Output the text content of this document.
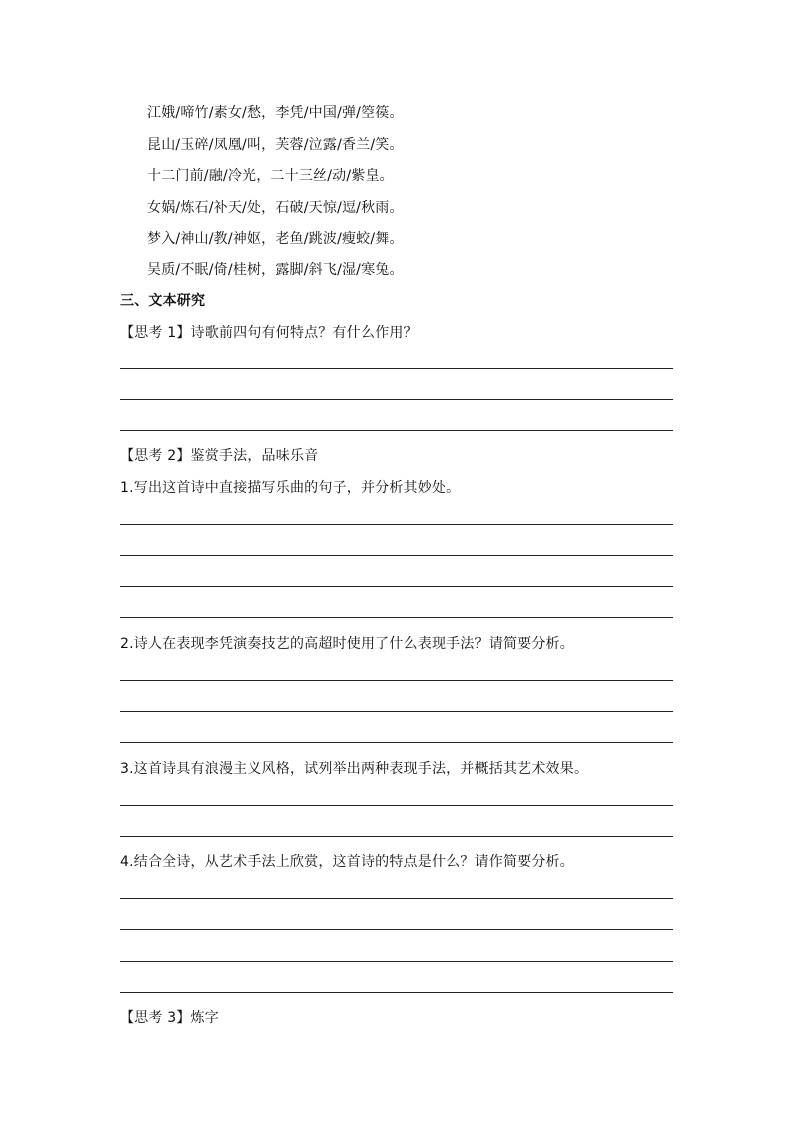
江娥/啼竹/素女/愁，李凭/中国/弹/箜篌。
昆山/玉碎/凤凰/叫，芙蓉/泣露/香兰/笑。
十二门前/融/冷光，二十三丝/动/紫皇。
女娲/炼石/补天/处，石破/天惊/逗/秋雨。
梦入/神山/教/神妪，老鱼/跳波/瘦蛟/舞。
吴质/不眠/倚/桂树，露脚/斜飞/湿/寒兔。
三、文本研究
【思考 1】诗歌前四句有何特点？有什么作用？
【思考 2】鉴赏手法，品味乐音
1.写出这首诗中直接描写乐曲的句子，并分析其妙处。
2.诗人在表现李凭演奏技艺的高超时使用了什么表现手法？请简要分析。
3.这首诗具有浪漫主义风格，试列举出两种表现手法，并概括其艺术效果。
4.结合全诗，从艺术手法上欣赏，这首诗的特点是什么？请作简要分析。
【思考 3】炼字
